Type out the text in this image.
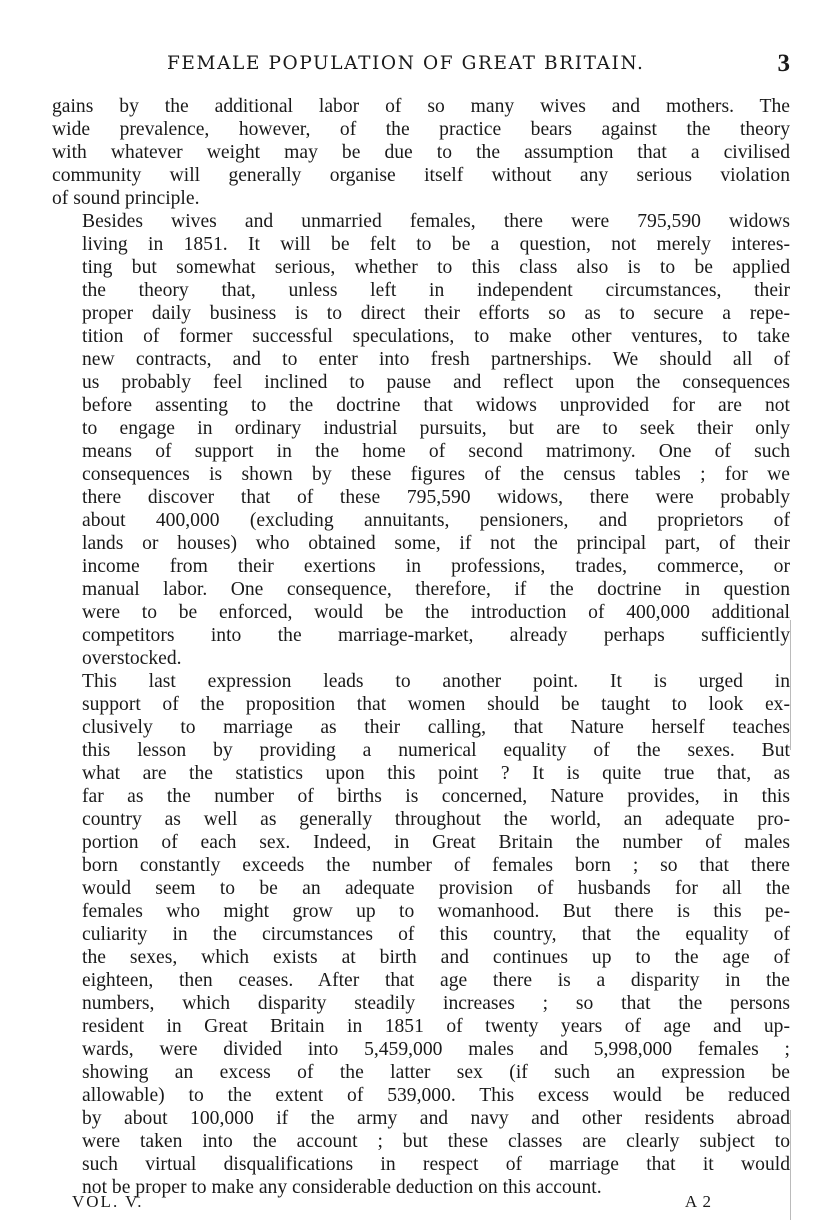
FEMALE POPULATION OF GREAT BRITAIN.	3
gains by the additional labor of so many wives and mothers. The
wide prevalence, however, of the practice bears against the theory
with whatever weight may be due to the assumption that a civilised
community will generally organise itself without any serious violation
of sound principle.
Besides wives and unmarried females, there were 795,590 widows
living in 1851. It will be felt to be a question, not merely interes-
ting but somewhat serious, whether to this class also is to be applied
the theory that, unless left in independent circumstances, their
proper daily business is to direct their efforts so as to secure a repe-
tition of former successful speculations, to make other ventures, to take
new contracts, and to enter into fresh partnerships. We should all of
us probably feel inclined to pause and reflect upon the consequences
before assenting to the doctrine that widows unprovided for are not
to engage in ordinary industrial pursuits, but are to seek their only
means of support in the home of second matrimony. One of such
consequences is shown by these figures of the census tables ; for we
there discover that of these 795,590 widows, there were probably
about 400,000 (excluding annuitants, pensioners, and proprietors of
lands or houses) who obtained some, if not the principal part, of their
income from their exertions in professions, trades, commerce, or
manual labor. One consequence, therefore, if the doctrine in question
were to be enforced, would be the introduction of 400,000 additional
competitors into the marriage-market, already perhaps sufficiently
overstocked.
This last expression leads to another point. It is urged in
support of the proposition that women should be taught to look ex-
clusively to marriage as their calling, that Nature herself teaches
this lesson by providing a numerical equality of the sexes. But
what are the statistics upon this point ? It is quite true that, as
far as the number of births is concerned, Nature provides, in this
country as well as generally throughout the world, an adequate pro-
portion of each sex. Indeed, in Great Britain the number of males
born constantly exceeds the number of females born ; so that there
would seem to be an adequate provision of husbands for all the
females who might grow up to womanhood. But there is this pe-
culiarity in the circumstances of this country, that the equality of
the sexes, which exists at birth and continues up to the age of
eighteen, then ceases. After that age there is a disparity in the
numbers, which disparity steadily increases ; so that the persons
resident in Great Britain in 1851 of twenty years of age and up-
wards, were divided into 5,459,000 males and 5,998,000 females ;
showing an excess of the latter sex (if such an expression be
allowable) to the extent of 539,000. This excess would be reduced
by about 100,000 if the army and navy and other residents abroad
were taken into the account ; but these classes are clearly subject to
such virtual disqualifications in respect of marriage that it would
not be proper to make any considerable deduction on this account.
VOL. V.	A 2
